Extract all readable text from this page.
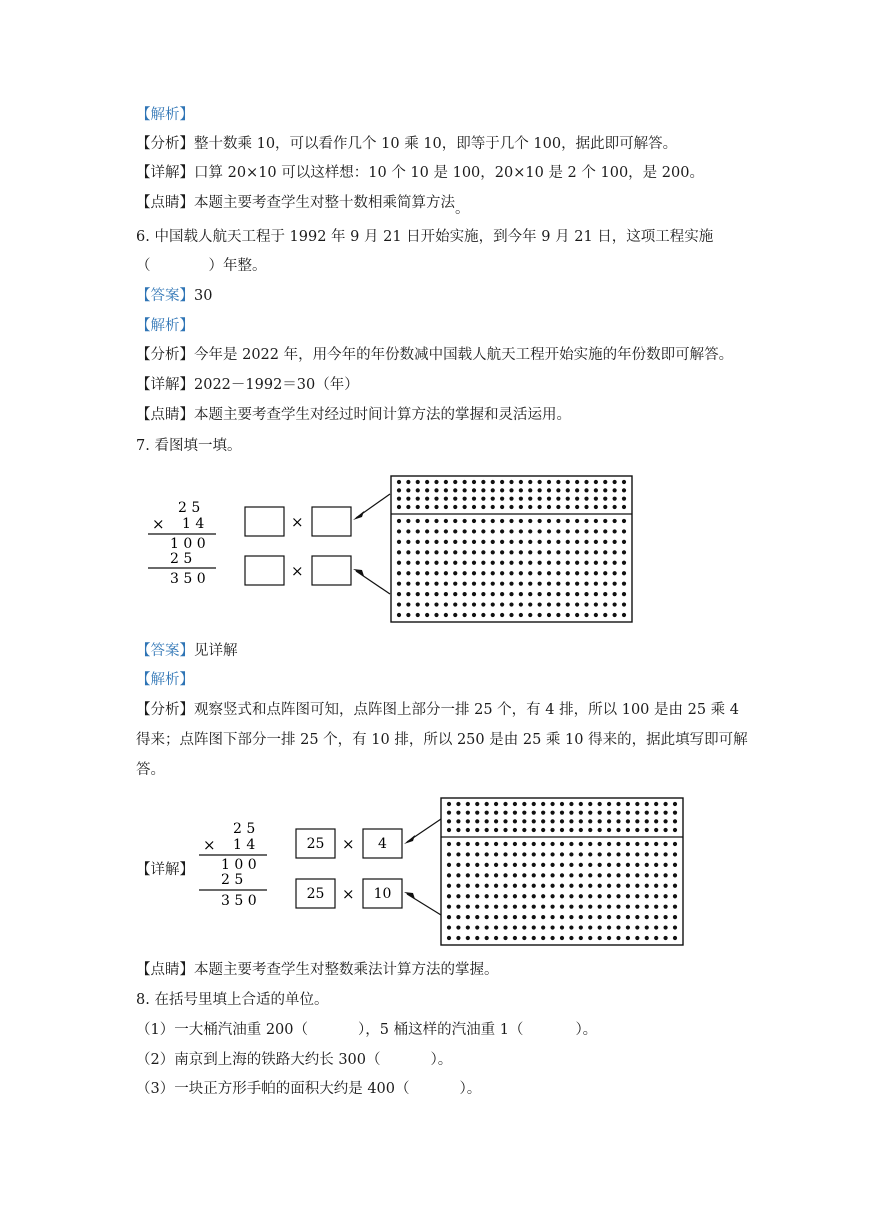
【解析】
【分析】整十数乘 10，可以看作几个 10 乘 10，即等于几个 100，据此即可解答。
【详解】口算 20×10 可以这样想：10 个 10 是 100，20×10 是 2 个 100，是 200。
【点睛】本题主要考查学生对整十数相乘简算方法。
6. 中国载人航天工程于 1992 年 9 月 21 日开始实施，到今年 9 月 21 日，这项工程实施
（	）年整。
【答案】30
【解析】
【分析】今年是 2022 年，用今年的年份数减中国载人航天工程开始实施的年份数即可解答。
【详解】2022－1992＝30（年）
【点睛】本题主要考查学生对经过时间计算方法的掌握和灵活运用。
7. 看图填一填。
2 5
× 1 4
1 0 0
2 5
3 5 0
×
×
【答案】见详解
【解析】
【分析】观察竖式和点阵图可知，点阵图上部分一排 25 个，有 4 排，所以 100 是由 25 乘 4
得来；点阵图下部分一排 25 个，有 10 排，所以 250 是由 25 乘 10 得来的，据此填写即可解
答。
【详解】
2 5
× 1 4
1 0 0
2 5
3 5 0
25 × 4
25 × 10
【点睛】本题主要考查学生对整数乘法计算方法的掌握。
8. 在括号里填上合适的单位。
（1）一大桶汽油重 200（	），5 桶这样的汽油重 1（	）。
（2）南京到上海的铁路大约长 300（	）。
（3）一块正方形手帕的面积大约是 400（	）。
